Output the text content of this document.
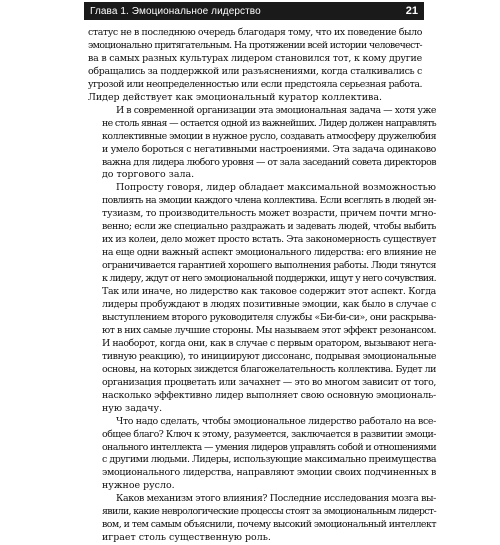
Глава 1. Эмоциональное лидерство	21
статус не в последнюю очередь благодаря тому, что их поведение было
эмоционально притягательным. На протяжении всей истории человечест-
ва в самых разных культурах лидером становился тот, к кому другие
обращались за поддержкой или разъяснениями, когда сталкивались с
угрозой или неопределенностью или если предстояла серьезная работа.
Лидер действует как эмоциональный куратор коллектива.
И в современной организации эта эмоциональная задача — хотя уже
не столь явная — остается одной из важнейших. Лидер должен направлять
коллективные эмоции в нужное русло, создавать атмосферу дружелюбия
и умело бороться с негативными настроениями. Эта задача одинаково
важна для лидера любого уровня — от зала заседаний совета директоров
до торгового зала.
Попросту говоря, лидер обладает максимальной возможностью
повлиять на эмоции каждого члена коллектива. Если всеглять в людей эн-
тузиазм, то производительность может возрасти, причем почти мгно-
венно; если же специально раздражать и задевать людей, чтобы выбить
их из колеи, дело может просто встать. Эта закономерность существует
на еще одни важный аспект эмоционального лидерства: его влияние не
ограничивается гарантией хорошего выполнения работы. Люди тянутся
к лидеру, ждут от него эмоциональной поддержки, ищут у него сочувствия.
Так или иначе, но лидерство как таковое содержит этот аспект. Когда
лидеры пробуждают в людях позитивные эмоции, как было в случае с
выступлением второго руководителя службы «Би-би-си», они раскрыва-
ют в них самые лучшие стороны. Мы называем этот эффект резонансом.
И наоборот, когда они, как в случае с первым оратором, вызывают нега-
тивную реакцию), то инициируют диссонанс, подрывая эмоциональные
основы, на которых зиждется благожелательность коллектива. Будет ли
организация процветать или зачахнет — это во многом зависит от того,
насколько эффективно лидер выполняет свою основную эмоциональ-
ную задачу.
Что надо сделать, чтобы эмоциональное лидерство работало на все-
общее благо? Ключ к этому, разумеется, заключается в развитии эмоци-
онального интеллекта — умения лидеров управлять собой и отношениями
с другими людьми. Лидеры, использующие максимально преимущества
эмоционального лидерства, направляют эмоции своих подчиненных в
нужное русло.
Каков механизм этого влияния? Последние исследования мозга вы-
явили, какие неврологические процессы стоят за эмоциональным лидерст-
вом, и тем самым объяснили, почему высокий эмоциональный интеллект
играет столь существенную роль.
